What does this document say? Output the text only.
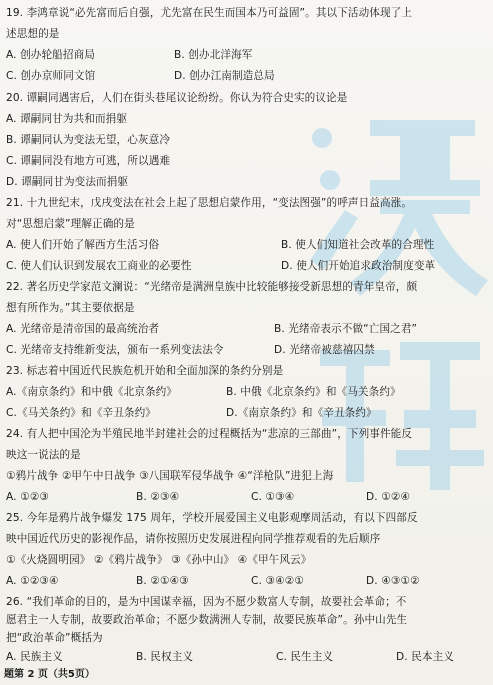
19. 李鸿章说“必先富而后自强，尤先富在民生而国本乃可益固”。其以下活动体现了上
述思想的是
A. 创办轮船招商局	B. 创办北洋海军
C. 创办京师同文馆	D. 创办江南制造总局
20. 谭嗣同遇害后，人们在街头巷尾议论纷纷。你认为符合史实的议论是
A. 谭嗣同甘为共和而捐躯
B. 谭嗣同认为变法无望，心灰意冷
C. 谭嗣同没有地方可逃，所以遇难
D. 谭嗣同甘为变法而捐躯
21. 十九世纪末，戊戌变法在社会上起了思想启蒙作用，“变法图强”的呼声日益高涨。
对“思想启蒙”理解正确的是
A. 使人们开始了解西方生活习俗	B. 使人们知道社会改革的合理性
C. 使人们认识到发展农工商业的必要性	D. 使人们开始追求政治制度变革
22. 著名历史学家范文澜说：“光绪帝是满洲皇族中比较能够接受新思想的青年皇帝，颇
想有所作为。”其主要依据是
A. 光绪帝是清帝国的最高统治者	B. 光绪帝表示不做“亡国之君”
C. 光绪帝支持维新变法，颁布一系列变法法令	D. 光绪帝被慈禧囚禁
23. 标志着中国近代民族危机开始和全面加深的条约分别是
A.《南京条约》和中俄《北京条约》	B. 中俄《北京条约》和《马关条约》
C.《马关条约》和《辛丑条约》	D.《南京条约》和《辛丑条约》
24. 有人把中国沦为半殖民地半封建社会的过程概括为“悲凉的三部曲”，下列事件能反
映这一说法的是
①鸦片战争 ②甲午中日战争 ③八国联军侵华战争 ④“洋枪队”进犯上海
A. ①②③	B. ②③④	C. ①③④	D. ①②④
25. 今年是鸦片战争爆发 175 周年，学校开展爱国主义电影观摩周活动，有以下四部反
映中国近代历史的影视作品，请你按照历史发展进程向同学推荐观看的先后顺序
①《火烧圆明园》 ②《鸦片战争》 ③《孙中山》 ④《甲午风云》
A. ①②③④	B. ②①④③	C. ③④②①	D. ④③①②
26. “我们革命的目的，是为中国谋幸福，因为不愿少数富人专制，故要社会革命；不
愿君主一人专制，故要政治革命；不愿少数满洲人专制，故要民族革命”。孙中山先生
把“政治革命”概括为
A. 民族主义	B. 民权主义	C. 民生主义	D. 民本主义
题第 2 页（共5页）
